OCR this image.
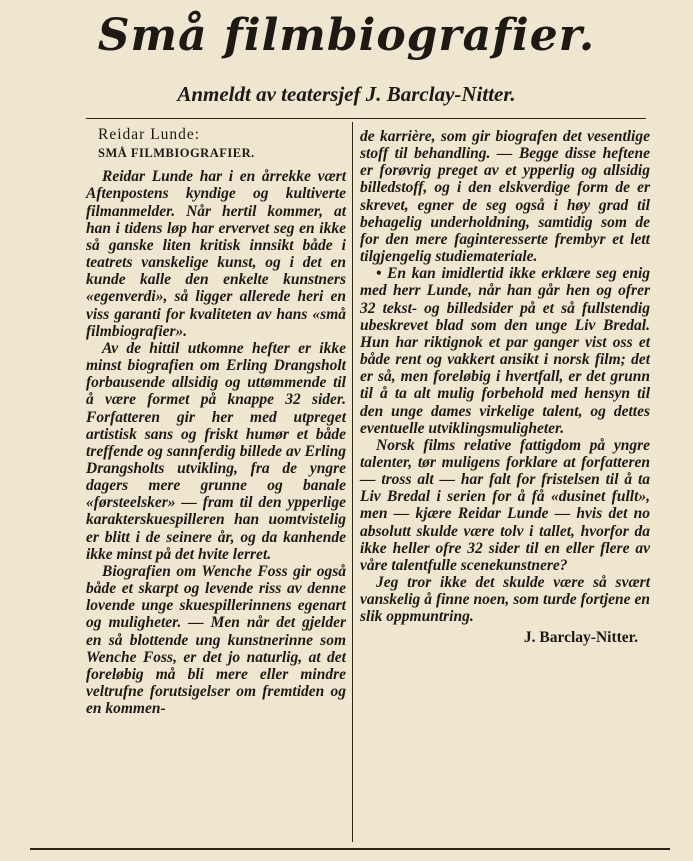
Små filmbiografier.
Anmeldt av teatersjef J. Barclay-Nitter.
Reidar Lunde:
SMÅ FILMBIOGRAFIER.

Reidar Lunde har i en årrekke vært Aftenpostens kyndige og kultiverte filmanmelder. Når hertil kommer, at han i tidens løp har ervervet seg en ikke så ganske liten kritisk innsikt både i teatrets vanskelige kunst, og i det en kunde kalle den enkelte kunstners «egenverdi», så ligger allerede heri en viss garanti for kvaliteten av hans «små filmbiografier».

Av de hittil utkomne hefter er ikke minst biografien om Erling Drangsholt forbausende allsidig og uttømmende til å være formet på knappe 32 sider. Forfatteren gir her med utpreget artistisk sans og friskt humør et både treffende og sannferdig billede av Erling Drangsholts utvikling, fra de yngre dagers mere grunne og banale «førsteelsker» — fram til den ypperlige karakterskuespilleren han uomtvistelig er blitt i de seinere år, og da kanhende ikke minst på det hvite lerret.

Biografien om Wenche Foss gir også både et skarpt og levende riss av denne lovende unge skuespillerinnens egenart og muligheter. — Men når det gjelder en så blottende ung kunstnerinne som Wenche Foss, er det jo naturlig, at det foreløbig må bli mere eller mindre veltrufne forutsigelser om fremtiden og en kommen-

de karrière, som gir biografen det vesentlige stoff til behandling. — Begge disse heftene er forøvrig preget av et ypperlig og allsidig billedstoff, og i den elskverdige form de er skrevet, egner de seg også i høy grad til behagelig underholdning, samtidig som de for den mere faginteresserte frembyr et lett tilgjengelig studiemateriale.

• En kan imidlertid ikke erklære seg enig med herr Lunde, når han går hen og ofrer 32 tekst- og billedsider på et så fullstendig ubeskrevet blad som den unge Liv Bredal. Hun har riktignok et par ganger vist oss et både rent og vakkert ansikt i norsk film; det er så, men foreløbig i hvertfall, er det grunn til å ta alt mulig forbehold med hensyn til den unge dames virkelige talent, og dettes eventuelle utviklingsmuligheter.

Norsk films relative fattigdom på yngre talenter, tør muligens forklare at forfatteren — tross alt — har falt for fristelsen til å ta Liv Bredal i serien for å få «dusinet fullt», men — kjære Reidar Lunde — hvis det no absolutt skulde være tolv i tallet, hvorfor da ikke heller ofre 32 sider til en eller flere av våre talentfulle scenekunstnere?

Jeg tror ikke det skulde være så svært vanskelig å finne noen, som turde fortjene en slik oppmuntring.

J. Barclay-Nitter.
